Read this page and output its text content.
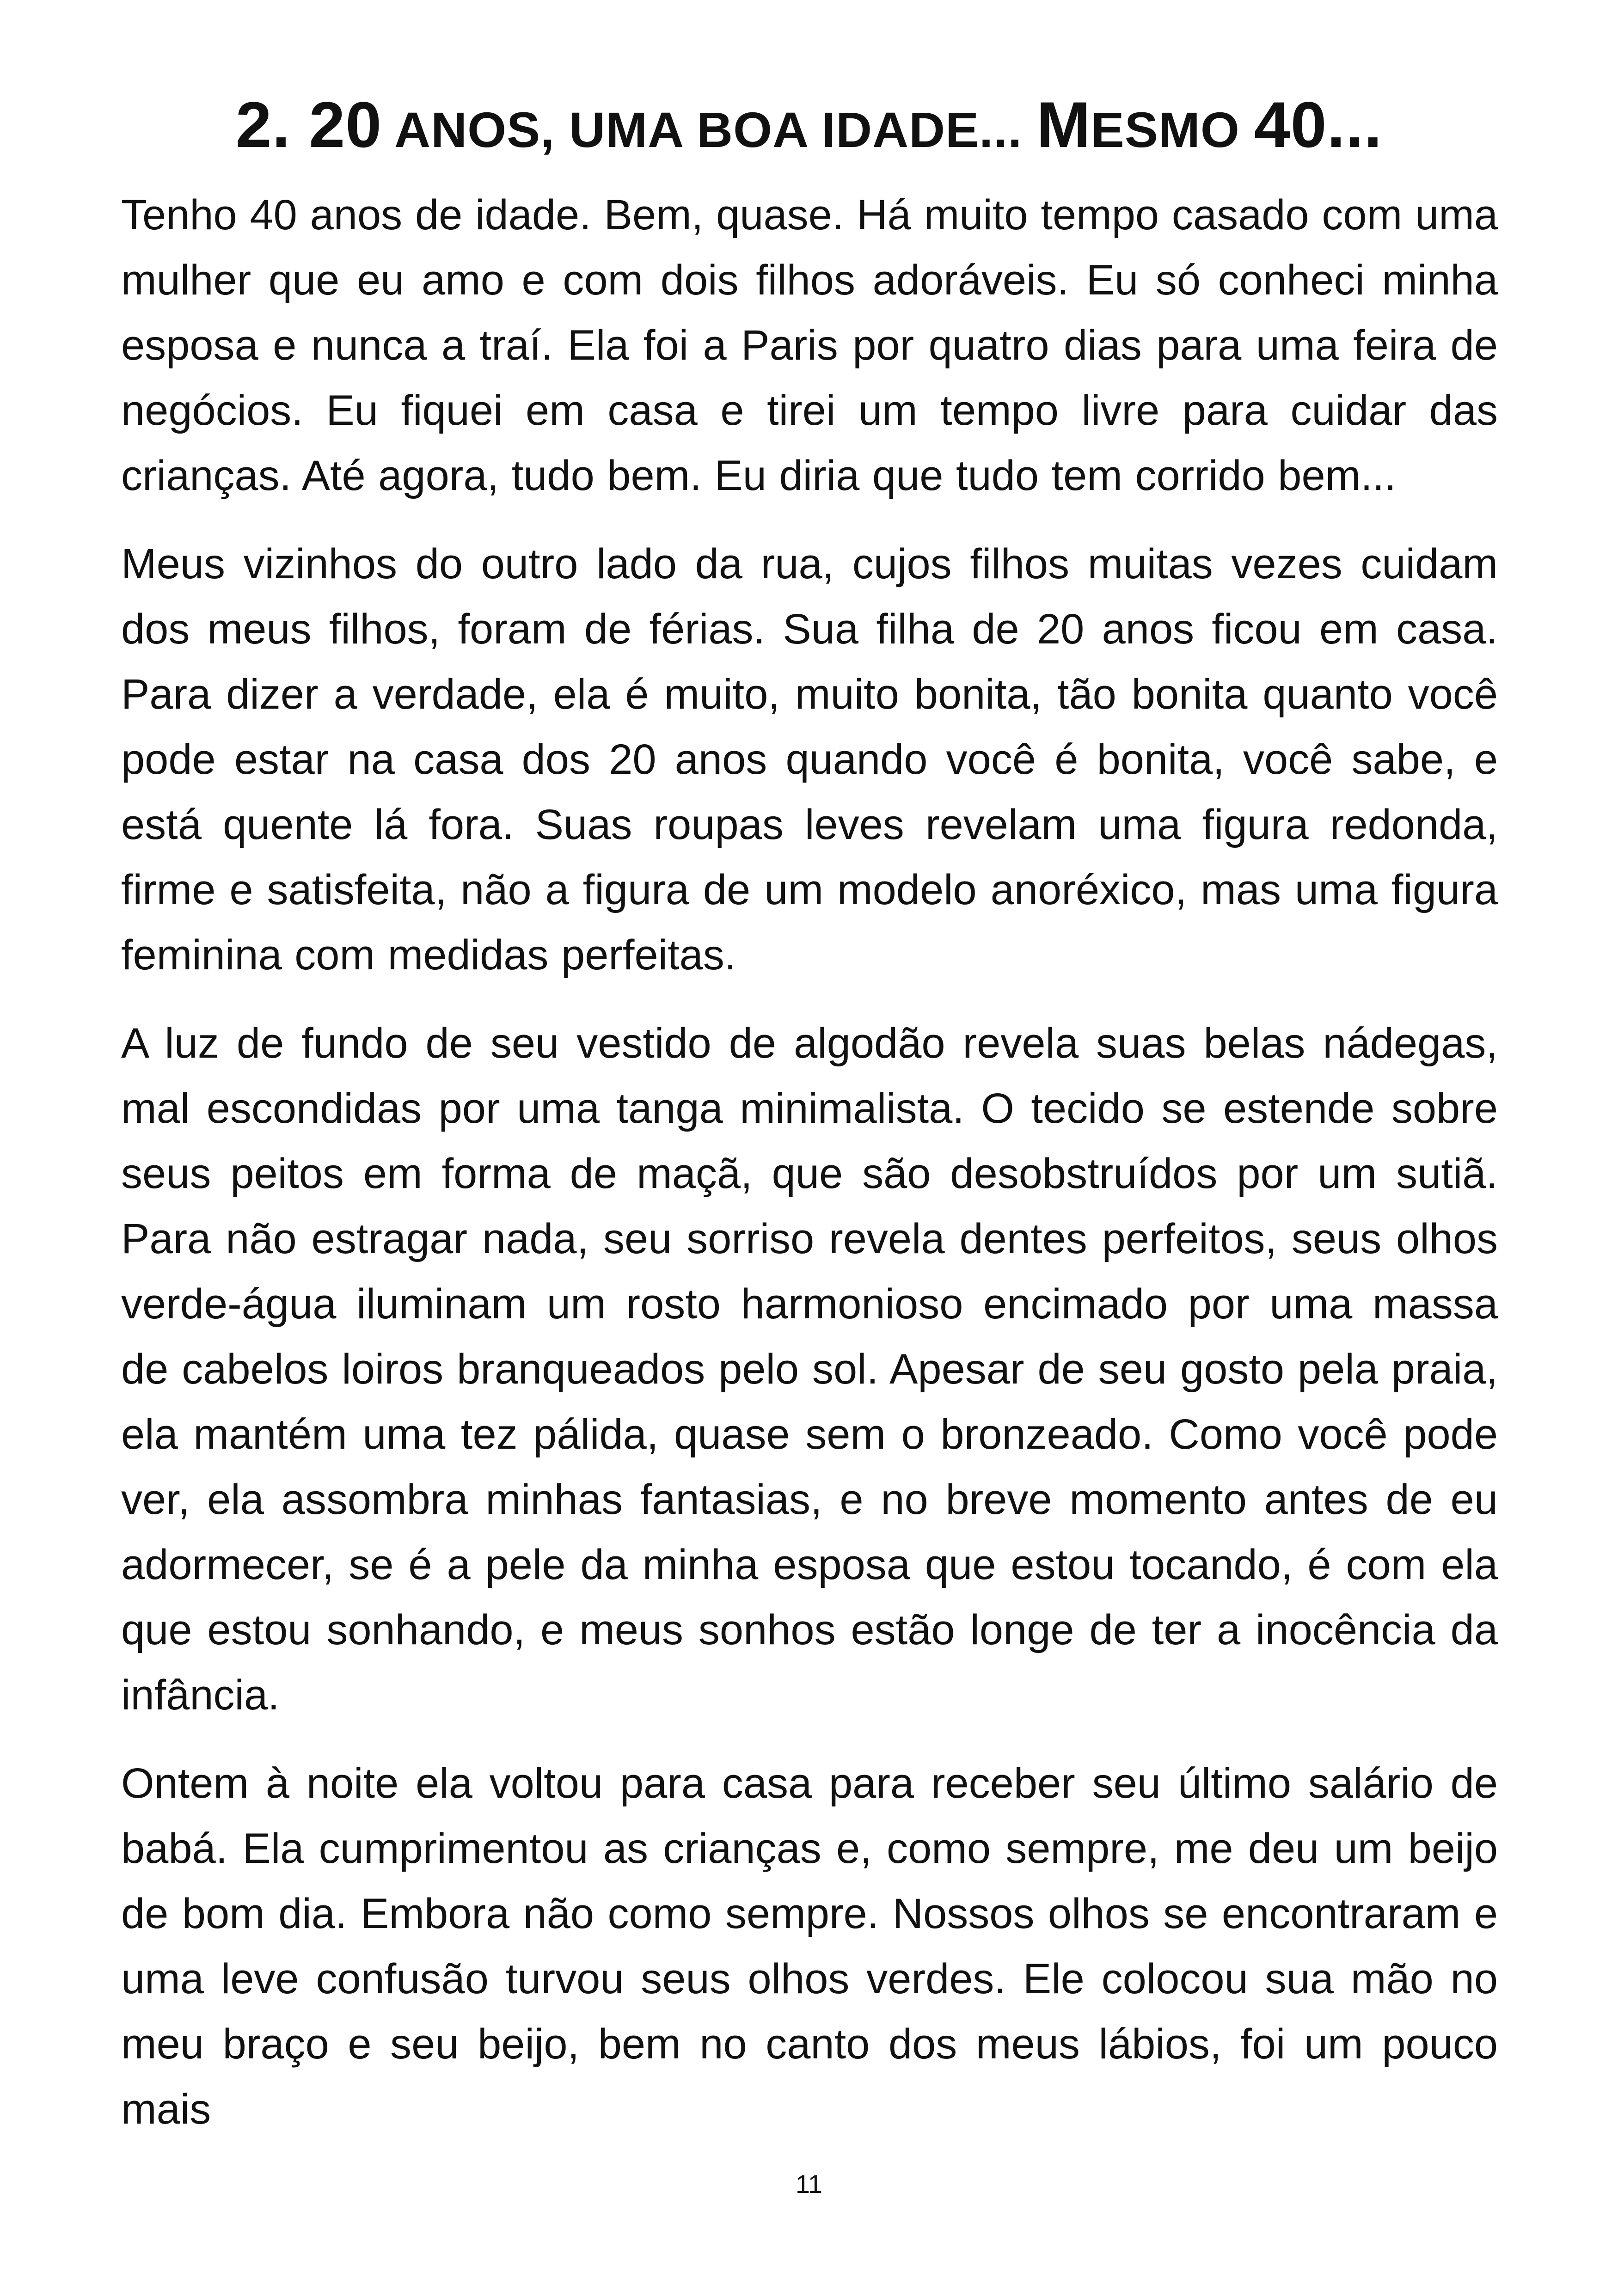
2. 20 ANOS, UMA BOA IDADE... MESMO 40...

Tenho 40 anos de idade. Bem, quase. Há muito tempo casado com uma mulher que eu amo e com dois filhos adoráveis. Eu só conheci minha esposa e nunca a traí. Ela foi a Paris por quatro dias para uma feira de negócios. Eu fiquei em casa e tirei um tempo livre para cuidar das crianças. Até agora, tudo bem. Eu diria que tudo tem corrido bem...

Meus vizinhos do outro lado da rua, cujos filhos muitas vezes cuidam dos meus filhos, foram de férias. Sua filha de 20 anos ficou em casa. Para dizer a verdade, ela é muito, muito bonita, tão bonita quanto você pode estar na casa dos 20 anos quando você é bonita, você sabe, e está quente lá fora. Suas roupas leves revelam uma figura redonda, firme e satisfeita, não a figura de um modelo anoréxico, mas uma figura feminina com medidas perfeitas.

A luz de fundo de seu vestido de algodão revela suas belas nádegas, mal escondidas por uma tanga minimalista. O tecido se estende sobre seus peitos em forma de maçã, que são desobstruídos por um sutiã. Para não estragar nada, seu sorriso revela dentes perfeitos, seus olhos verde-água iluminam um rosto harmonioso encimado por uma massa de cabelos loiros branqueados pelo sol. Apesar de seu gosto pela praia, ela mantém uma tez pálida, quase sem o bronzeado. Como você pode ver, ela assombra minhas fantasias, e no breve momento antes de eu adormecer, se é a pele da minha esposa que estou tocando, é com ela que estou sonhando, e meus sonhos estão longe de ter a inocência da infância.

Ontem à noite ela voltou para casa para receber seu último salário de babá. Ela cumprimentou as crianças e, como sempre, me deu um beijo de bom dia. Embora não como sempre. Nossos olhos se encontraram e uma leve confusão turvou seus olhos verdes. Ele colocou sua mão no meu braço e seu beijo, bem no canto dos meus lábios, foi um pouco mais

11
